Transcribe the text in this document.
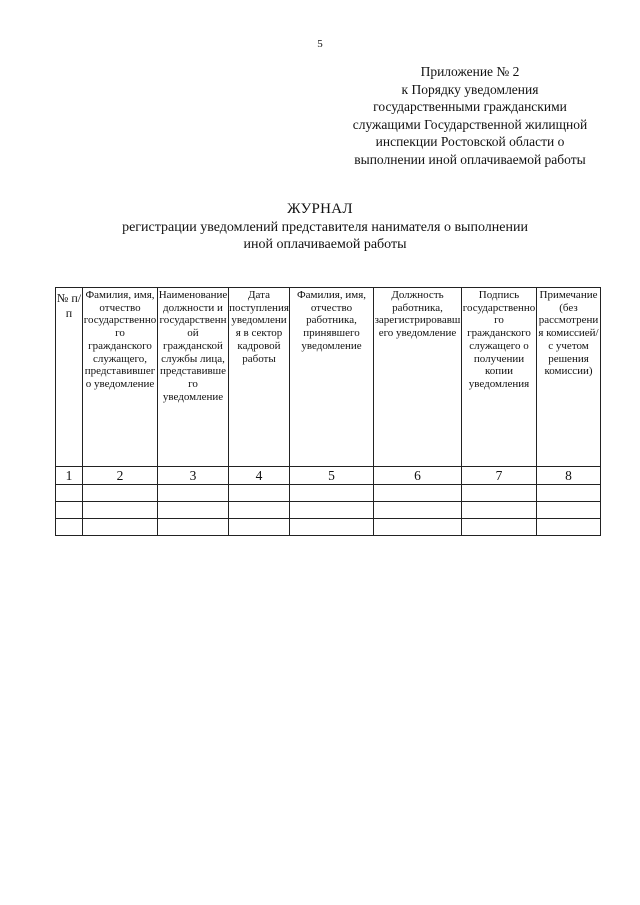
5
Приложение № 2
к Порядку уведомления
государственными гражданскими
служащими Государственной жилищной
инспекции Ростовской области о
выполнении иной оплачиваемой работы
ЖУРНАЛ
регистрации уведомлений представителя нанимателя о выполнении
иной оплачиваемой работы
№ п/п	Фамилия, имя, отчество государственного гражданского служащего, представившего уведомление	Наименование должности и государственной гражданской службы лица, представившего уведомление	Дата поступления уведомления в сектор кадровой работы	Фамилия, имя, отчество работника, принявшего уведомление	Должность работника, зарегистрировавшего уведомление	Подпись государственного гражданского служащего о получении копии уведомления	Примечание (без рассмотрения комиссией/с учетом решения комиссии)
1	2	3	4	5	6	7	8
